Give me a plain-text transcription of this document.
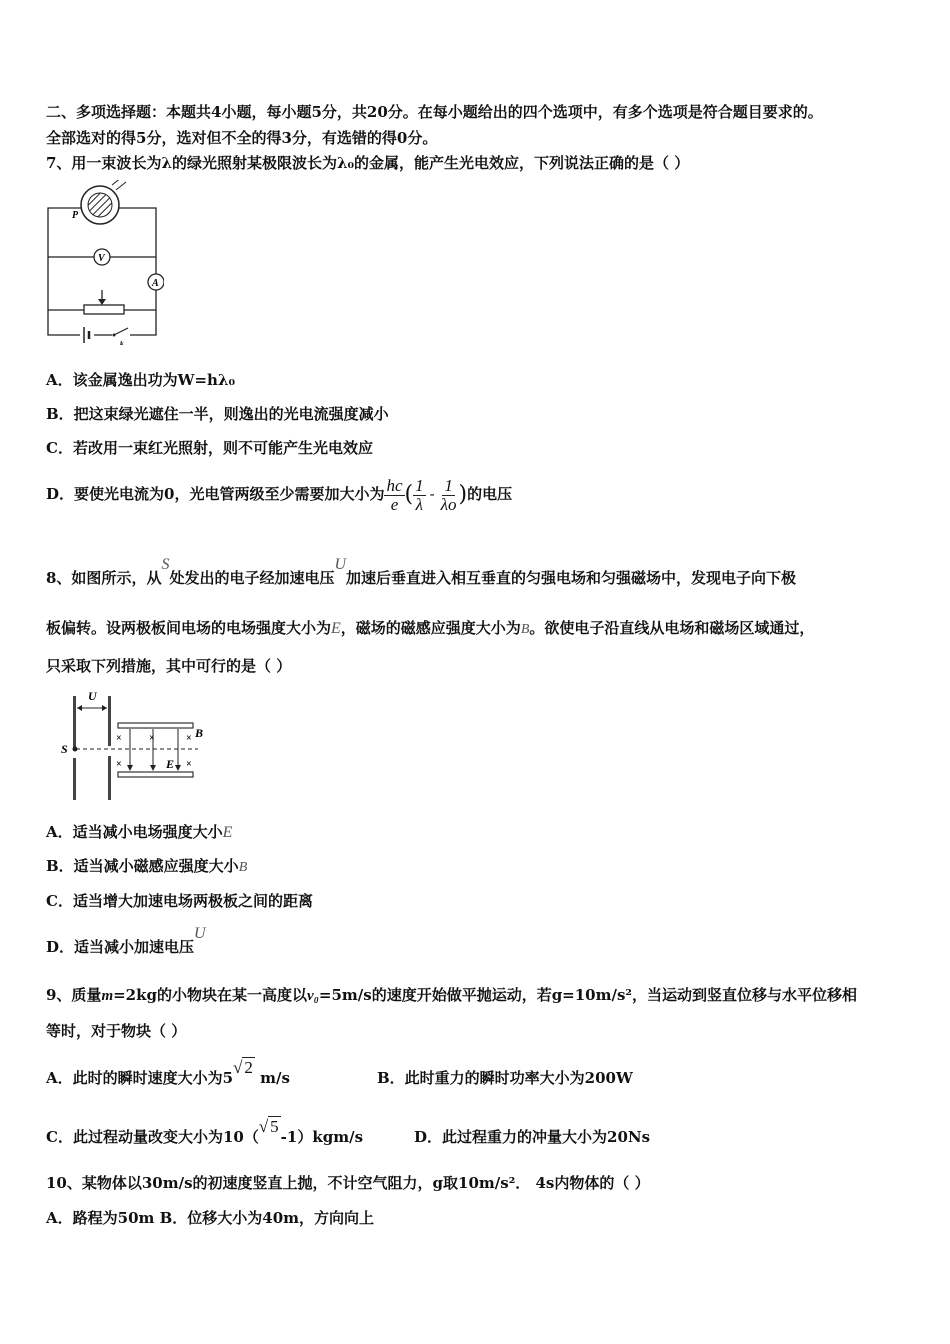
二、多项选择题：本题共4小题，每小题5分，共20分。在每小题给出的四个选项中，有多个选项是符合题目要求的。
全部选对的得5分，选对但不全的得3分，有选错的得0分。
7、用一束波长为λ的绿光照射某极限波长为λ₀的金属，能产生光电效应，下列说法正确的是（ ）
P
V
A
k
A．该金属逸出功为W=hλ₀
B．把这束绿光遮住一半，则逸出的光电流强度减小
C．若改用一束红光照射，则不可能产生光电效应
D．要使光电流为0，光电管两级至少需要加大小为 $\frac{hc}{e}$ ( $\frac{1}{\lambda} - \frac{1}{\lambda o}$ )的电压
8、如图所示，从S处发出的电子经加速电压U加速后垂直进入相互垂直的匀强电场和匀强磁场中，发现电子向下极
板偏转。设两极板间电场的电场强度大小为E，磁场的磁感应强度大小为B。欲使电子沿直线从电场和磁场区域通过，
只采取下列措施，其中可行的是（ ）
U
S
×	×	×
×	×
B
E
A．适当减小电场强度大小E
B．适当减小磁感应强度大小B
C．适当增大加速电场两极板之间的距离
D．适当减小加速电压U
9、质量m=2kg的小物块在某一高度以v₀=5m/s的速度开始做平抛运动，若g=10m/s²，当运动到竖直位移与水平位移相
等时，对于物块（ ）
A．此时的瞬时速度大小为5√ 2 m/s	B．此时重力的瞬时功率大小为200W
C．此过程动量改变大小为10（√ 5-1）kgm/s	D．此过程重力的冲量大小为20Ns
10、某物体以30m/s的初速度竖直上抛，不计空气阻力，g取10m/s²． 4s内物体的（ ）
A．路程为50m B．位移大小为40m，方向向上
